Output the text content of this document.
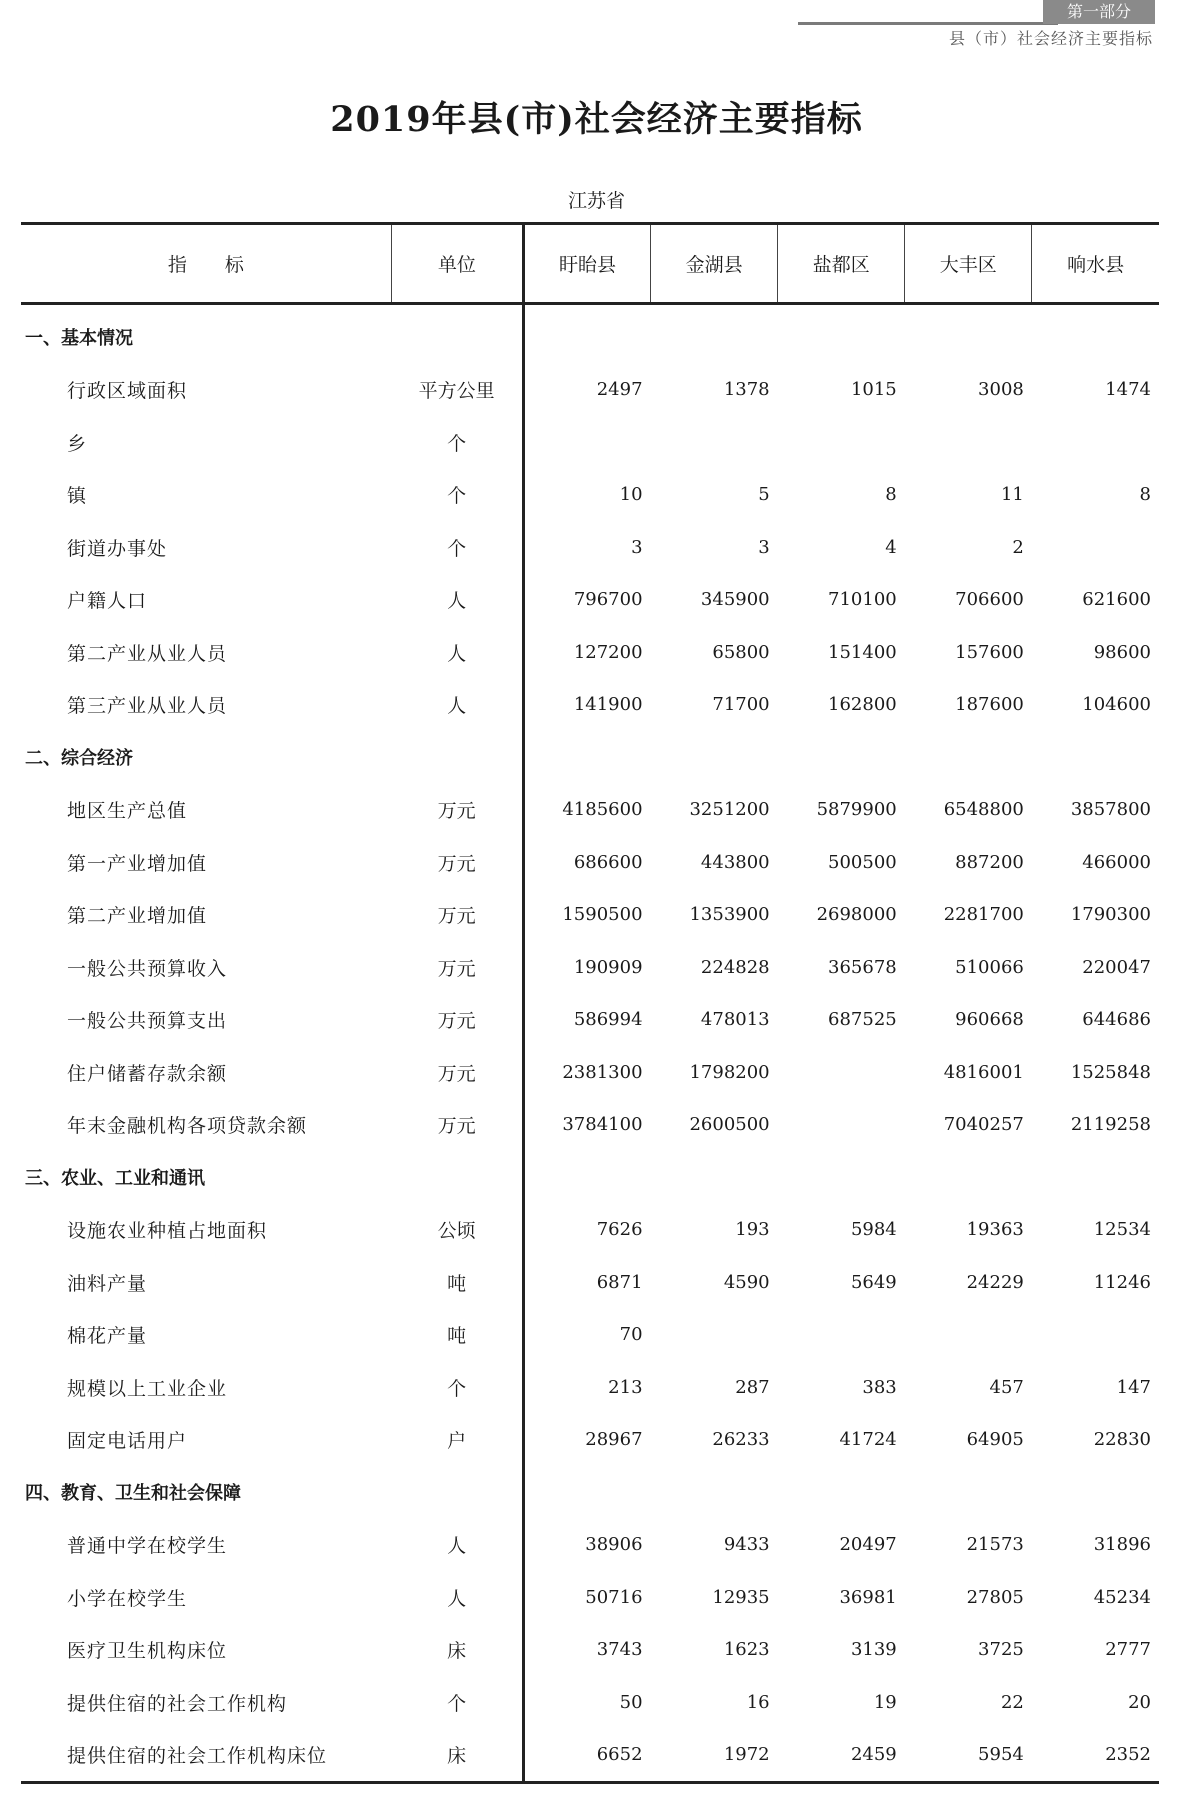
第一部分
县（市）社会经济主要指标
2019年县(市)社会经济主要指标
江苏省
指标	单位	盱眙县	金湖县	盐都区	大丰区	响水县
一、基本情况						
行政区域面积	平方公里	2497	1378	1015	3008	1474
乡	个					
镇	个	10	5	8	11	8
街道办事处	个	3	3	4	2	
户籍人口	人	796700	345900	710100	706600	621600
第二产业从业人员	人	127200	65800	151400	157600	98600
第三产业从业人员	人	141900	71700	162800	187600	104600
二、综合经济						
地区生产总值	万元	4185600	3251200	5879900	6548800	3857800
第一产业增加值	万元	686600	443800	500500	887200	466000
第二产业增加值	万元	1590500	1353900	2698000	2281700	1790300
一般公共预算收入	万元	190909	224828	365678	510066	220047
一般公共预算支出	万元	586994	478013	687525	960668	644686
住户储蓄存款余额	万元	2381300	1798200		4816001	1525848
年末金融机构各项贷款余额	万元	3784100	2600500		7040257	2119258
三、农业、工业和通讯						
设施农业种植占地面积	公顷	7626	193	5984	19363	12534
油料产量	吨	6871	4590	5649	24229	11246
棉花产量	吨	70				
规模以上工业企业	个	213	287	383	457	147
固定电话用户	户	28967	26233	41724	64905	22830
四、教育、卫生和社会保障						
普通中学在校学生	人	38906	9433	20497	21573	31896
小学在校学生	人	50716	12935	36981	27805	45234
医疗卫生机构床位	床	3743	1623	3139	3725	2777
提供住宿的社会工作机构	个	50	16	19	22	20
提供住宿的社会工作机构床位	床	6652	1972	2459	5954	2352
